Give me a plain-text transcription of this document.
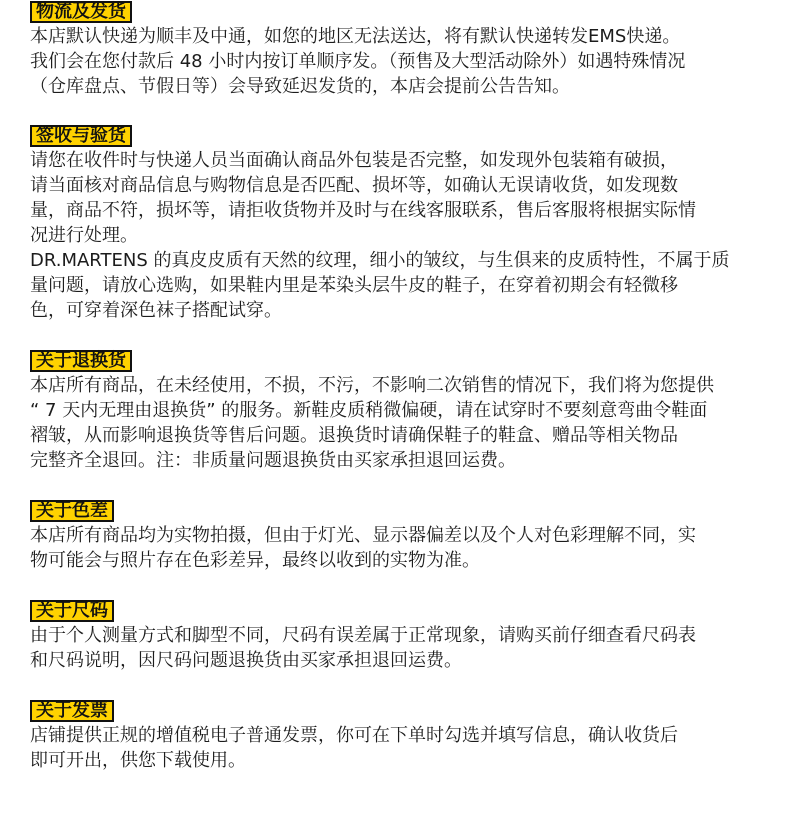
物流及发货
本店默认快递为顺丰及中通，如您的地区无法送达，将有默认快递转发EMS快递。
我们会在您付款后 48 小时内按订单顺序发。（预售及大型活动除外）如遇特殊情况
（仓库盘点、节假日等）会导致延迟发货的，本店会提前公告告知。
签收与验货
请您在收件时与快递人员当面确认商品外包装是否完整，如发现外包装箱有破损，
请当面核对商品信息与购物信息是否匹配、损坏等，如确认无误请收货，如发现数
量，商品不符，损坏等，请拒收货物并及时与在线客服联系，售后客服将根据实际情
况进行处理。
DR.MARTENS 的真皮皮质有天然的纹理，细小的皱纹，与生俱来的皮质特性，不属于质
量问题，请放心选购，如果鞋内里是苯染头层牛皮的鞋子，在穿着初期会有轻微移
色，可穿着深色袜子搭配试穿。
关于退换货
本店所有商品，在未经使用，不损，不污，不影响二次销售的情况下，我们将为您提供
“ 7 天内无理由退换货” 的服务。新鞋皮质稍微偏硬，请在试穿时不要刻意弯曲令鞋面
褶皱，从而影响退换货等售后问题。退换货时请确保鞋子的鞋盒、赠品等相关物品
完整齐全退回。注：非质量问题退换货由买家承担退回运费。
关于色差
本店所有商品均为实物拍摄，但由于灯光、显示器偏差以及个人对色彩理解不同，实
物可能会与照片存在色彩差异，最终以收到的实物为准。
关于尺码
由于个人测量方式和脚型不同，尺码有误差属于正常现象，请购买前仔细查看尺码表
和尺码说明，因尺码问题退换货由买家承担退回运费。
关于发票
店铺提供正规的增值税电子普通发票，你可在下单时勾选并填写信息，确认收货后
即可开出，供您下载使用。
